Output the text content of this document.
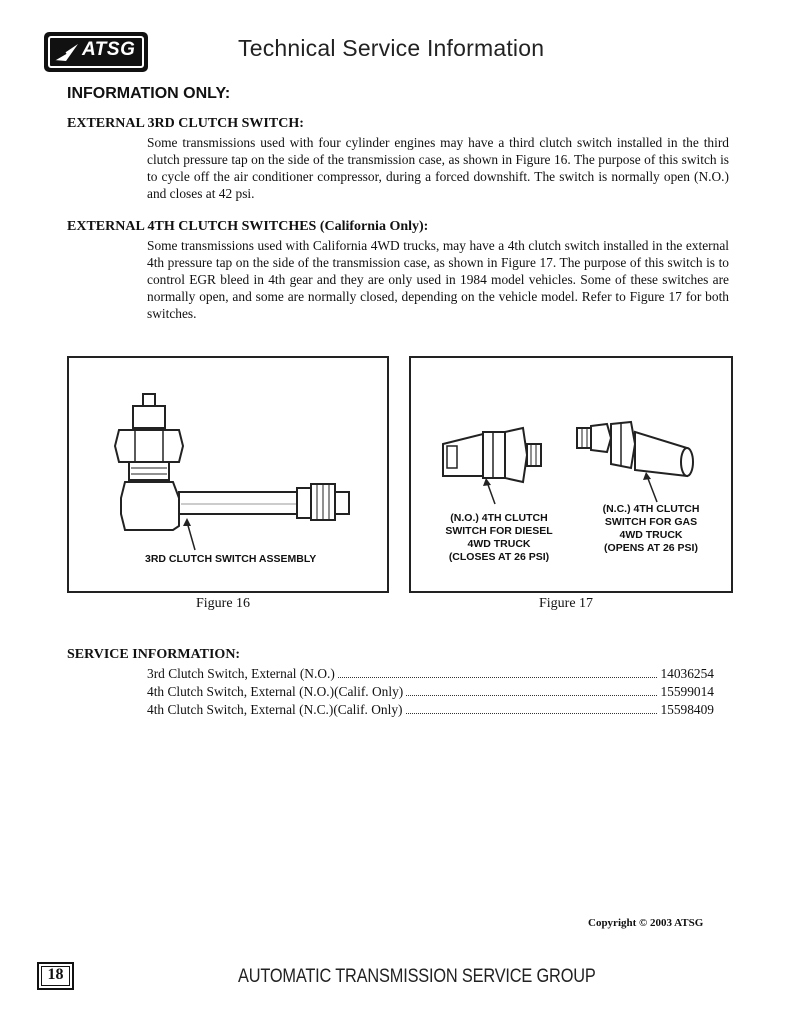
ATSG	Technical Service Information
INFORMATION ONLY:
EXTERNAL 3RD CLUTCH SWITCH:
Some transmissions used with four cylinder engines may have a third clutch switch installed in the third clutch pressure tap on the side of the transmission case, as shown in Figure 16. The purpose of this switch is to cycle off the air conditioner compressor, during a forced downshift. The switch is normally open (N.O.) and closes at 42 psi.
EXTERNAL 4TH CLUTCH SWITCHES (California Only):
Some transmissions used with California 4WD trucks, may have a 4th clutch switch installed in the external 4th pressure tap on the side of the transmission case, as shown in Figure 17. The purpose of this switch is to control EGR bleed in 4th gear and they are only used in 1984 model vehicles. Some of these switches are normally open, and some are normally closed, depending on the vehicle model. Refer to Figure 17 for both switches.
3RD CLUTCH SWITCH ASSEMBLY
Figure 16
(N.O.) 4TH CLUTCH
SWITCH FOR DIESEL
4WD TRUCK
(CLOSES AT 26 PSI)
(N.C.) 4TH CLUTCH
SWITCH FOR GAS
4WD TRUCK
(OPENS AT 26 PSI)
Figure 17
SERVICE INFORMATION:
3rd Clutch Switch, External (N.O.)	14036254
4th Clutch Switch, External (N.O.)(Calif. Only)	15599014
4th Clutch Switch, External (N.C.)(Calif. Only)	15598409
Copyright © 2003 ATSG
18	AUTOMATIC TRANSMISSION SERVICE GROUP
